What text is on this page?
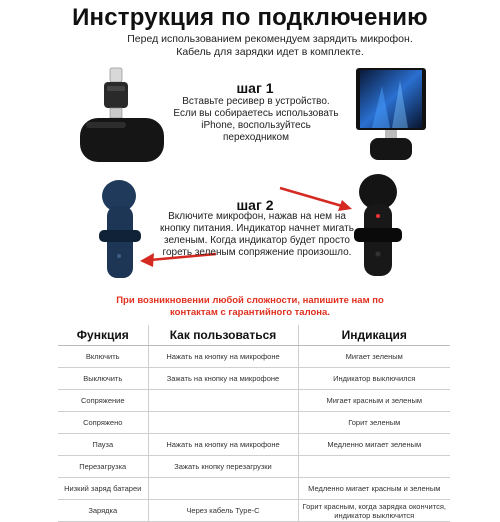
Инструкция по подключению
Перед использованием рекомендуем зарядить микрофон. Кабель для зарядки идет в комплекте.
шаг 1
Вставьте ресивер в устройство. Если вы собираетесь использовать iPhone, воспользуйтесь переходником
шаг 2
Включите микрофон, нажав на нем на кнопку питания. Индикатор начнет мигать зеленым. Когда индикатор будет просто гореть зеленым сопряжение произошло.
При возникновении любой сложности, напишите нам по контактам с гарантийного талона.
Функция	Как пользоваться	Индикация
Включить	Нажать на кнопку на микрофоне	Мигает зеленым
Выключить	Зажать на кнопку на микрофоне	Индикатор выключился
Сопряжение		Мигает красным и зеленым
Сопряжено		Горит зеленым
Пауза	Нажать на кнопку на микрофоне	Медленно мигает зеленым
Перезагрузка	Зажать кнопку перезагрузки	
Низкий заряд батареи		Медленно мигает красным и зеленым
Зарядка	Через кабель Type-C	Горит красным, когда зарядка окончится, индикатор выключится
